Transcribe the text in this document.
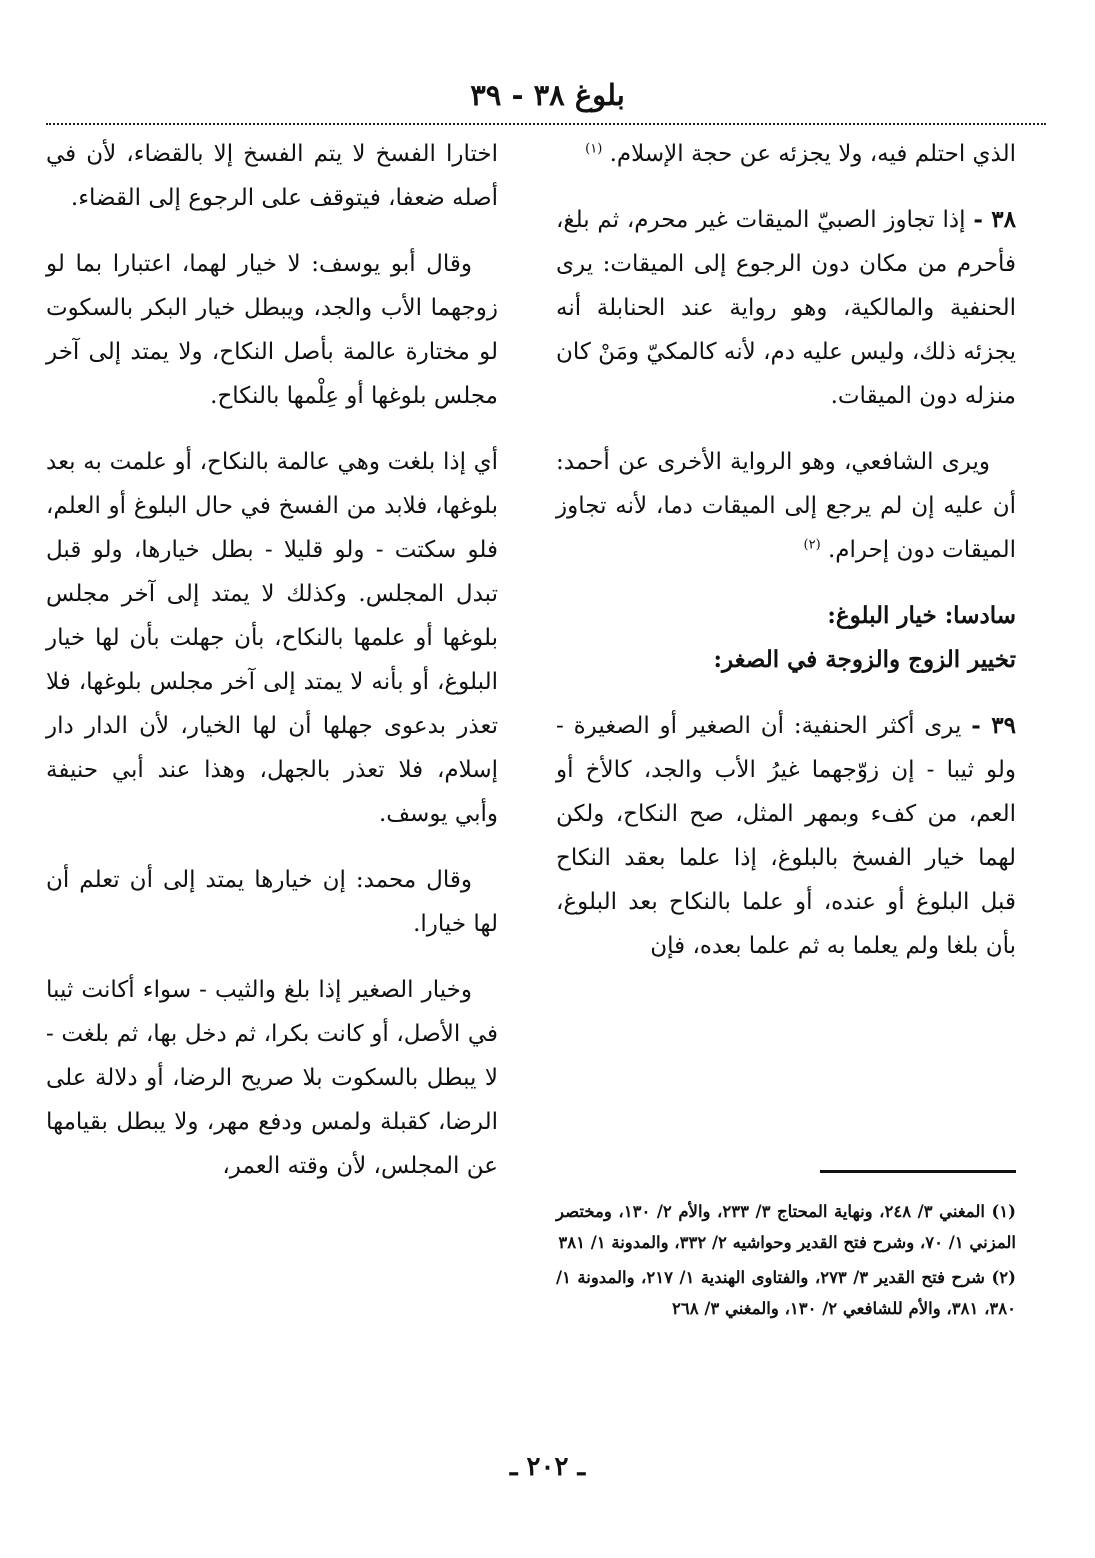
بلوغ ٣٨ - ٣٩

الذي احتلم فيه، ولا يجزئه عن حجة الإسلام. $^{(١)}$

٣٨ - إذا تجاوز الصبيّ الميقات غير محرم، ثم بلغ، فأحرم من مكان دون الرجوع إلى الميقات: يرى الحنفية والمالكية، وهو رواية عند الحنابلة أنه يجزئه ذلك، وليس عليه دم، لأنه كالمكيّ ومَنْ كان منزله دون الميقات.

ويرى الشافعي، وهو الرواية الأخرى عن أحمد: أن عليه إن لم يرجع إلى الميقات دما، لأنه تجاوز الميقات دون إحرام. $^{(٢)}$

سادسا: خيار البلوغ:

تخيير الزوج والزوجة في الصغر:

٣٩ - يرى أكثر الحنفية: أن الصغير أو الصغيرة - ولو ثيبا - إن زوّجهما غيرُ الأب والجد، كالأخ أو العم، من كفء وبمهر المثل، صح النكاح، ولكن لهما خيار الفسخ بالبلوغ، إذا علما بعقد النكاح قبل البلوغ أو عنده، أو علما بالنكاح بعد البلوغ، بأن بلغا ولم يعلما به ثم علما بعده، فإن

اختارا الفسخ لا يتم الفسخ إلا بالقضاء، لأن في أصله ضعفا، فيتوقف على الرجوع إلى القضاء.

وقال أبو يوسف: لا خيار لهما، اعتبارا بما لو زوجهما الأب والجد، ويبطل خيار البكر بالسكوت لو مختارة عالمة بأصل النكاح، ولا يمتد إلى آخر مجلس بلوغها أو عِلْمها بالنكاح.

أي إذا بلغت وهي عالمة بالنكاح، أو علمت به بعد بلوغها، فلابد من الفسخ في حال البلوغ أو العلم، فلو سكتت - ولو قليلا - بطل خيارها، ولو قبل تبدل المجلس. وكذلك لا يمتد إلى آخر مجلس بلوغها أو علمها بالنكاح، بأن جهلت بأن لها خيار البلوغ، أو بأنه لا يمتد إلى آخر مجلس بلوغها، فلا تعذر بدعوى جهلها أن لها الخيار، لأن الدار دار إسلام، فلا تعذر بالجهل، وهذا عند أبي حنيفة وأبي يوسف.

وقال محمد: إن خيارها يمتد إلى أن تعلم أن لها خيارا.

وخيار الصغير إذا بلغ والثيب - سواء أكانت ثيبا في الأصل، أو كانت بكرا، ثم دخل بها، ثم بلغت - لا يبطل بالسكوت بلا صريح الرضا، أو دلالة على الرضا، كقبلة ولمس ودفع مهر، ولا يبطل بقيامها عن المجلس، لأن وقته العمر،

(١) المغني ٣/ ٢٤٨، ونهاية المحتاج ٣/ ٢٣٣، والأم ٢/ ١٣٠، ومختصر المزني ١/ ٧٠، وشرح فتح القدير وحواشيه ٢/ ٣٣٢، والمدونة ١/ ٣٨١

(٢) شرح فتح القدير ٣/ ٢٧٣، والفتاوى الهندية ١/ ٢١٧، والمدونة ١/ ٣٨٠، ٣٨١، والأم للشافعي ٢/ ١٣٠، والمغني ٣/ ٢٦٨

ـ ٢٠٢ ـ
